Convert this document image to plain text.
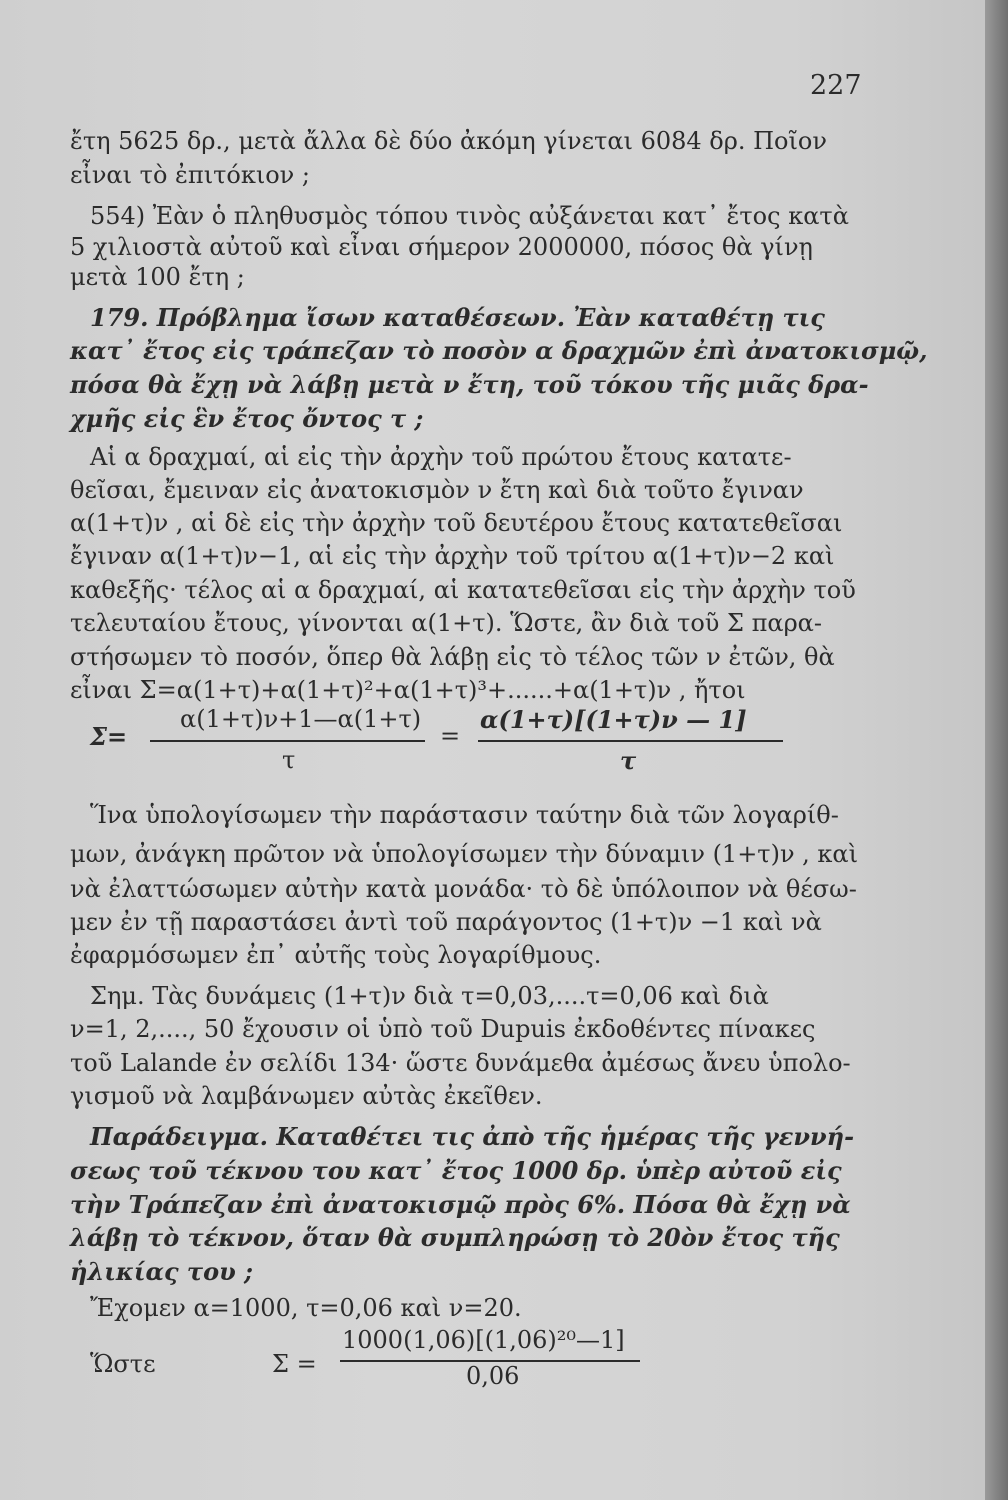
227
ἔτη 5625 δρ., μετὰ ἄλλα δὲ δύο ἀκόμη γίνεται 6084 δρ. Ποῖον
εἶναι τὸ ἐπιτόκιον ;
554) Ἐὰν ὁ πληθυσμὸς τόπου τινὸς αὐξάνεται κατ᾽ ἔτος κατὰ
5 χιλιοστὰ αὐτοῦ καὶ εἶναι σήμερον 2000000, πόσος θὰ γίνῃ
μετὰ 100 ἔτη ;
179. Πρόβλημα ἴσων καταθέσεων. Ἐὰν καταθέτῃ τις
κατ᾽ ἔτος εἰς τράπεζαν τὸ ποσὸν α δραχμῶν ἐπὶ ἀνατοκισμῷ,
πόσα θὰ ἔχῃ νὰ λάβῃ μετὰ ν ἔτη, τοῦ τόκου τῆς μιᾶς δρα-
χμῆς εἰς ἓν ἔτος ὄντος τ ;
Αἱ α δραχμαί, αἱ εἰς τὴν ἀρχὴν τοῦ πρώτου ἔτους κατατε-
θεῖσαι, ἔμειναν εἰς ἀνατοκισμὸν ν ἔτη καὶ διὰ τοῦτο ἔγιναν
α(1+τ)ν , αἱ δὲ εἰς τὴν ἀρχὴν τοῦ δευτέρου ἔτους κατατεθεῖσαι
ἔγιναν α(1+τ)ν−1, αἱ εἰς τὴν ἀρχὴν τοῦ τρίτου α(1+τ)ν−2 καὶ
καθεξῆς· τέλος αἱ α δραχμαί, αἱ κατατεθεῖσαι εἰς τὴν ἀρχὴν τοῦ
τελευταίου ἔτους, γίνονται α(1+τ). Ὥστε, ἂν διὰ τοῦ Σ παρα-
στήσωμεν τὸ ποσόν, ὅπερ θὰ λάβῃ εἰς τὸ τέλος τῶν ν ἐτῶν, θὰ
εἶναι Σ=α(1+τ)+α(1+τ)²+α(1+τ)³+......+α(1+τ)ν , ἤτοι
Σ=
α(1+τ)ν+1—α(1+τ)
τ
=
α(1+τ)[(1+τ)ν — 1]
τ
Ἵνα ὑπολογίσωμεν τὴν παράστασιν ταύτην διὰ τῶν λογαρίθ-
μων, ἀνάγκη πρῶτον νὰ ὑπολογίσωμεν τὴν δύναμιν (1+τ)ν , καὶ
νὰ ἐλαττώσωμεν αὐτὴν κατὰ μονάδα· τὸ δὲ ὑπόλοιπον νὰ θέσω-
μεν ἐν τῇ παραστάσει ἀντὶ τοῦ παράγοντος (1+τ)ν −1 καὶ νὰ
ἐφαρμόσωμεν ἐπ᾽ αὐτῆς τοὺς λογαρίθμους.
Σημ. Τὰς δυνάμεις (1+τ)ν διὰ τ=0,03,....τ=0,06 καὶ διὰ
ν=1, 2,...., 50 ἔχουσιν οἱ ὑπὸ τοῦ Dupuis ἐκδοθέντες πίνακες
τοῦ Lalande ἐν σελίδι 134· ὥστε δυνάμεθα ἀμέσως ἄνευ ὑπολο-
γισμοῦ νὰ λαμβάνωμεν αὐτὰς ἐκεῖθεν.
Παράδειγμα. Καταθέτει τις ἀπὸ τῆς ἡμέρας τῆς γεννή-
σεως τοῦ τέκνου του κατ᾽ ἔτος 1000 δρ. ὑπὲρ αὐτοῦ εἰς
τὴν Τράπεζαν ἐπὶ ἀνατοκισμῷ πρὸς 6%. Πόσα θὰ ἔχῃ νὰ
λάβῃ τὸ τέκνον, ὅταν θὰ συμπληρώσῃ τὸ 20ὸν ἔτος τῆς
ἡλικίας του ;
Ἔχομεν α=1000, τ=0,06 καὶ ν=20.
Ὥστε	Σ =
1000(1,06)[(1,06)²⁰—1]
0,06
